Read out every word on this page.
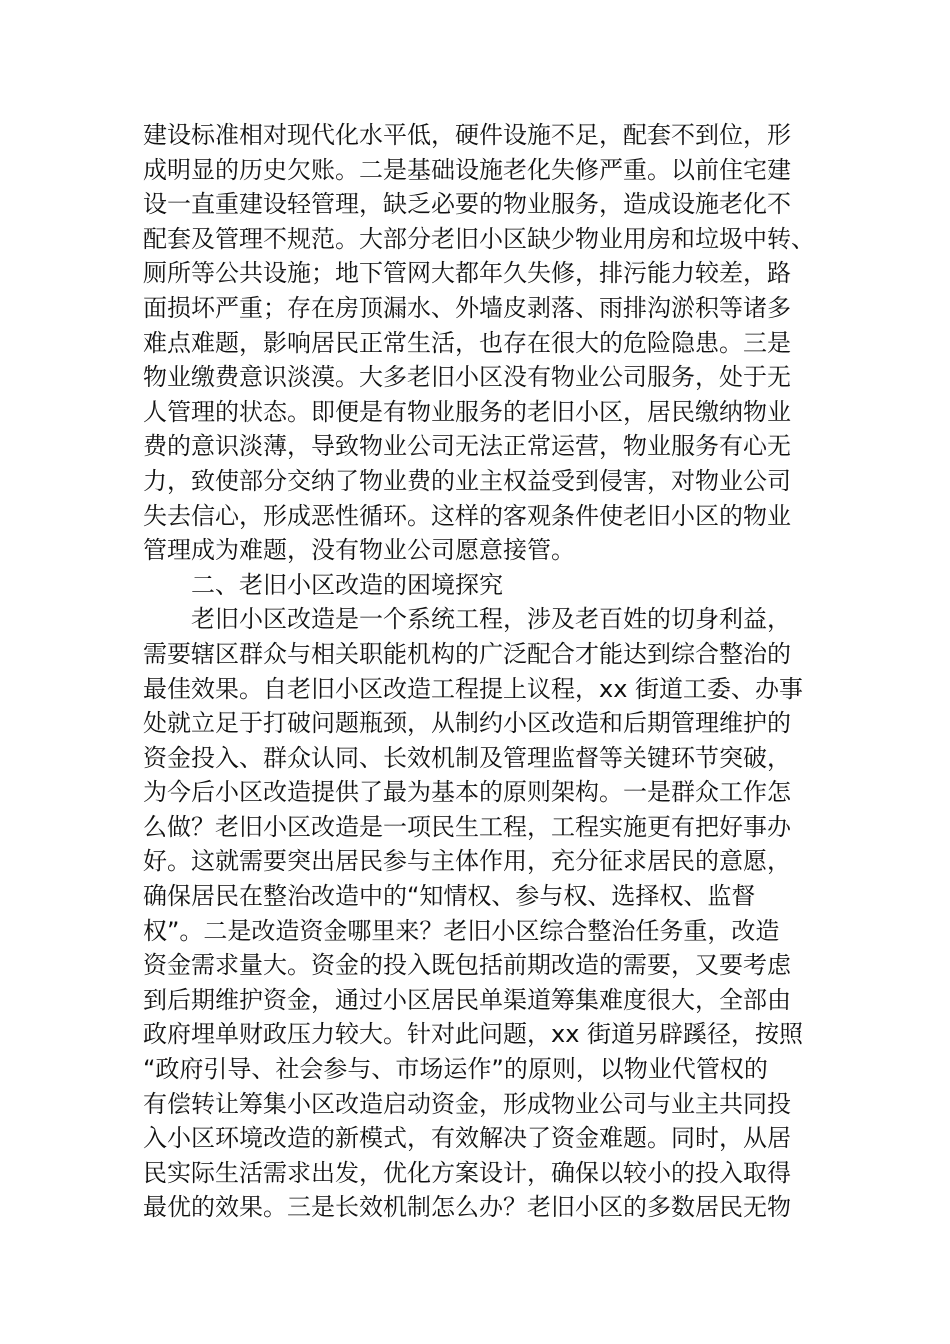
建设标准相对现代化水平低，硬件设施不足，配套不到位，形
成明显的历史欠账。二是基础设施老化失修严重。以前住宅建
设一直重建设轻管理，缺乏必要的物业服务，造成设施老化不
配套及管理不规范。大部分老旧小区缺少物业用房和垃圾中转、
厕所等公共设施；地下管网大都年久失修，排污能力较差，路
面损坏严重；存在房顶漏水、外墙皮剥落、雨排沟淤积等诸多
难点难题，影响居民正常生活，也存在很大的危险隐患。三是
物业缴费意识淡漠。大多老旧小区没有物业公司服务，处于无
人管理的状态。即便是有物业服务的老旧小区，居民缴纳物业
费的意识淡薄，导致物业公司无法正常运营，物业服务有心无
力，致使部分交纳了物业费的业主权益受到侵害，对物业公司
失去信心，形成恶性循环。这样的客观条件使老旧小区的物业
管理成为难题，没有物业公司愿意接管。
二、老旧小区改造的困境探究
老旧小区改造是一个系统工程，涉及老百姓的切身利益，
需要辖区群众与相关职能机构的广泛配合才能达到综合整治的
最佳效果。自老旧小区改造工程提上议程，xx 街道工委、办事
处就立足于打破问题瓶颈，从制约小区改造和后期管理维护的
资金投入、群众认同、长效机制及管理监督等关键环节突破，
为今后小区改造提供了最为基本的原则架构。一是群众工作怎
么做？老旧小区改造是一项民生工程，工程实施更有把好事办
好。这就需要突出居民参与主体作用，充分征求居民的意愿，
确保居民在整治改造中的“知情权、参与权、选择权、监督
权”。二是改造资金哪里来？老旧小区综合整治任务重，改造
资金需求量大。资金的投入既包括前期改造的需要，又要考虑
到后期维护资金，通过小区居民单渠道筹集难度很大，全部由
政府埋单财政压力较大。针对此问题，xx 街道另辟蹊径，按照
“政府引导、社会参与、市场运作”的原则，以物业代管权的
有偿转让筹集小区改造启动资金，形成物业公司与业主共同投
入小区环境改造的新模式，有效解决了资金难题。同时，从居
民实际生活需求出发，优化方案设计，确保以较小的投入取得
最优的效果。三是长效机制怎么办？老旧小区的多数居民无物
